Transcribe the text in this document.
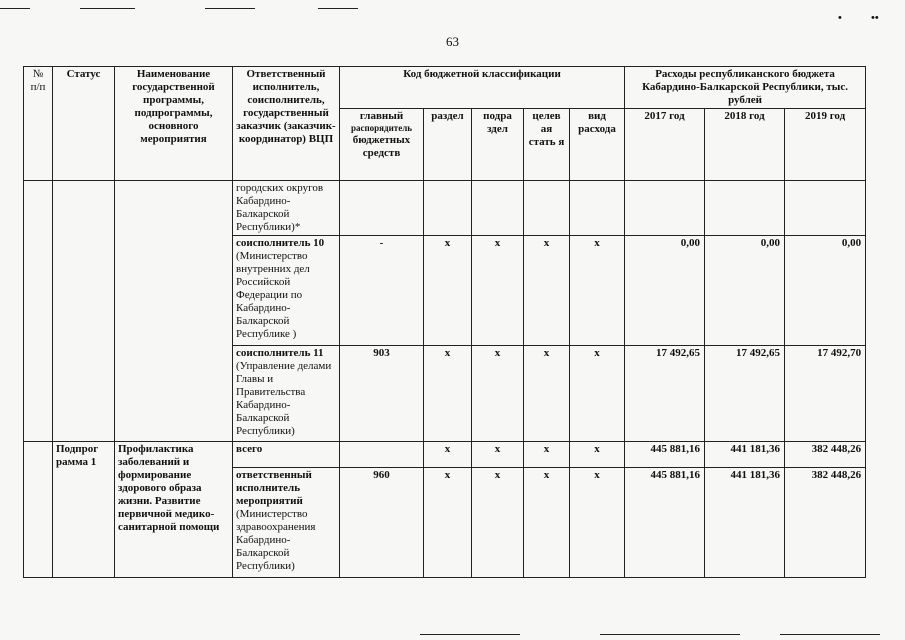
•	••
63
№ п/п	Статус	Наименование государственной программы, подпрограммы, основного мероприятия	Ответственный исполнитель, соисполнитель, государственный заказчик (заказчик-координатор) ВЦП	Код бюджетной классификации					Расходы республиканского бюджета Кабардино-Балкарской Республики, тыс. рублей		

				главный
распорядитель
бюджетных средств	раздел	подра здел	целев ая стать я	вид расхода	2017 год	2018 год	2019 год
			городских округов Кабардино-Балкарской Республики)*								
			соисполнитель 10 (Министерство внутренних дел Российской Федерации по Кабардино-Балкарской Республике )	-	х	х	х	х	0,00	0,00	0,00
			соисполнитель 11 (Управление делами Главы и Правительства Кабардино-Балкарской Республики)	903	х	х	х	х	17 492,65	17 492,65	17 492,70
	Подпрог рамма 1	Профилактика заболеваний и формирование здорового образа жизни. Развитие первичной медико-санитарной помощи	всего		х	х	х	х	445 881,16	441 181,36	382 448,26
			ответственный исполнитель мероприятий (Министерство здравоохранения Кабардино-Балкарской Республики)	960	х	х	х	х	445 881,16	441 181,36	382 448,26
